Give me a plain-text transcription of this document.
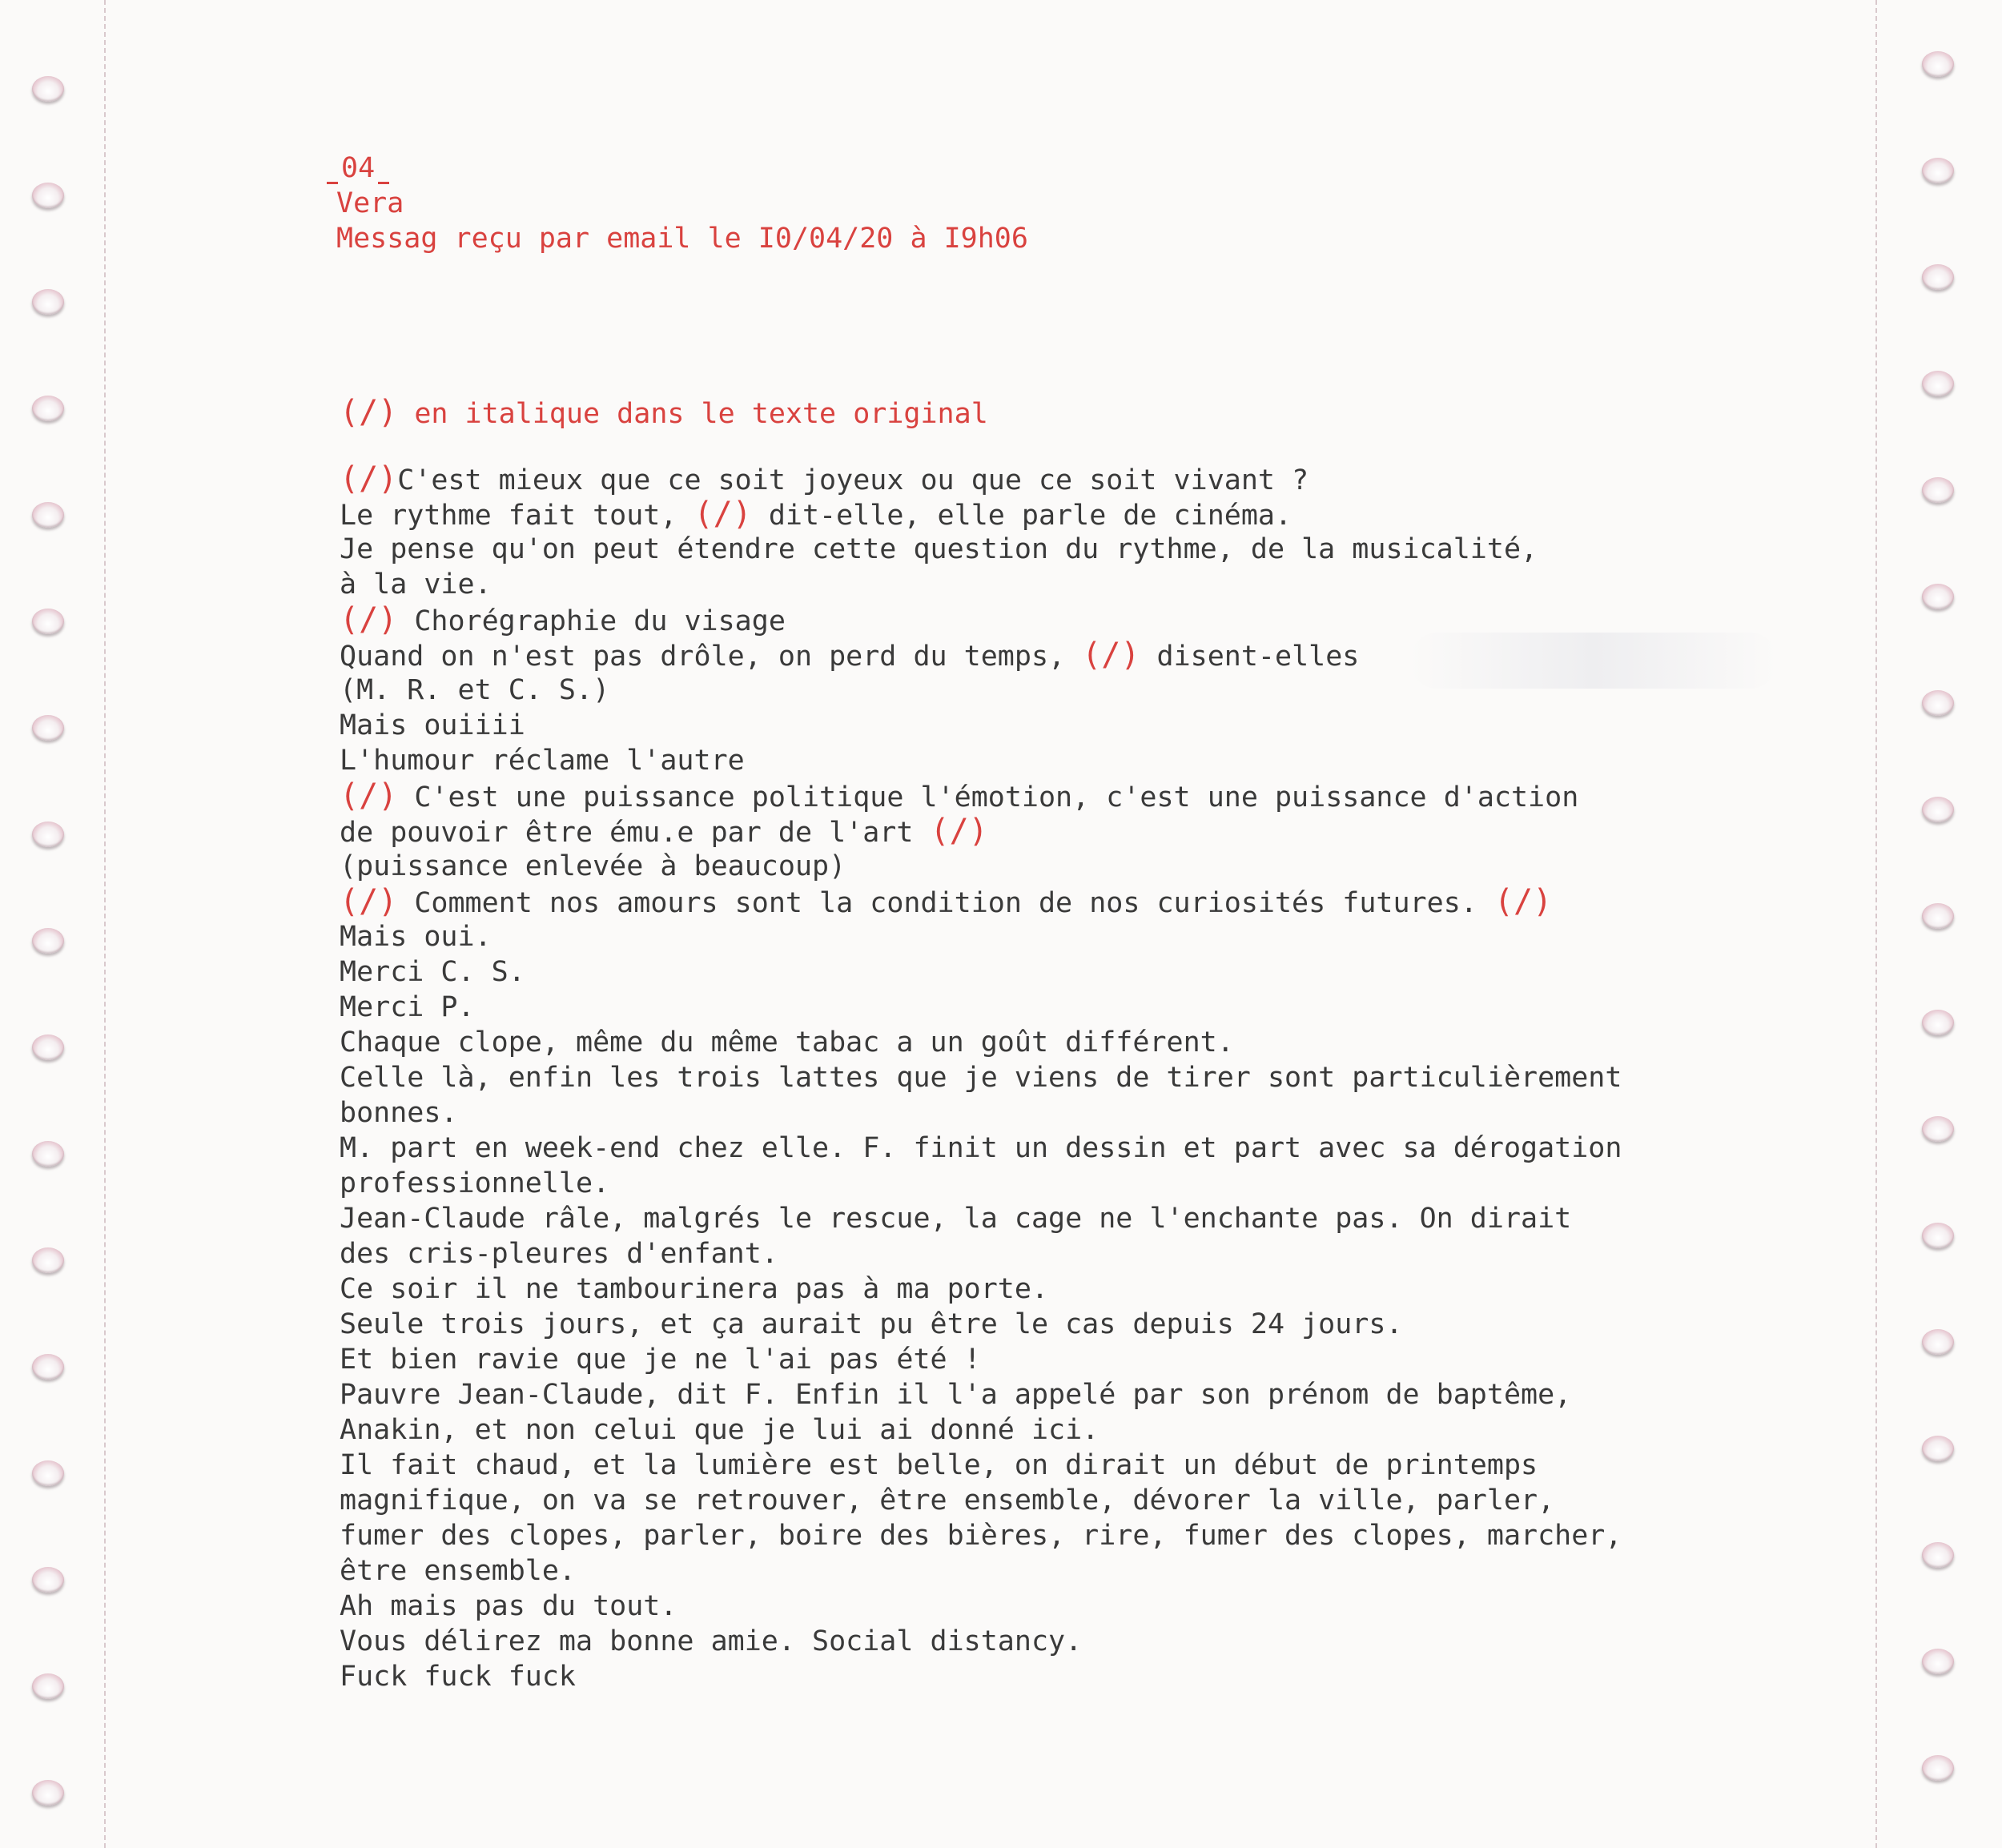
04
Vera
Messag reçu par email le I0/04/20 à I9h06
(/) en italique dans le texte original
(/)C'est mieux que ce soit joyeux ou que ce soit vivant ?
Le rythme fait tout, (/) dit-elle, elle parle de cinéma.
Je pense qu'on peut étendre cette question du rythme, de la musicalité,
à la vie.
(/) Chorégraphie du visage
Quand on n'est pas drôle, on perd du temps, (/) disent-elles
(M. R. et C. S.)
Mais ouiiii
L'humour réclame l'autre
(/) C'est une puissance politique l'émotion, c'est une puissance d'action
de pouvoir être ému.e par de l'art (/)
(puissance enlevée à beaucoup)
(/) Comment nos amours sont la condition de nos curiosités futures. (/)
Mais oui.
Merci C. S.
Merci P.
Chaque clope, même du même tabac a un goût différent.
Celle là, enfin les trois lattes que je viens de tirer sont particulièrement
bonnes.
M. part en week-end chez elle. F. finit un dessin et part avec sa dérogation
professionnelle.
Jean-Claude râle, malgrés le rescue, la cage ne l'enchante pas. On dirait
des cris-pleures d'enfant.
Ce soir il ne tambourinera pas à ma porte.
Seule trois jours, et ça aurait pu être le cas depuis 24 jours.
Et bien ravie que je ne l'ai pas été !
Pauvre Jean-Claude, dit F. Enfin il l'a appelé par son prénom de baptême,
Anakin, et non celui que je lui ai donné ici.
Il fait chaud, et la lumière est belle, on dirait un début de printemps
magnifique, on va se retrouver, être ensemble, dévorer la ville, parler,
fumer des clopes, parler, boire des bières, rire, fumer des clopes, marcher,
être ensemble.
Ah mais pas du tout.
Vous délirez ma bonne amie. Social distancy.
Fuck fuck fuck
